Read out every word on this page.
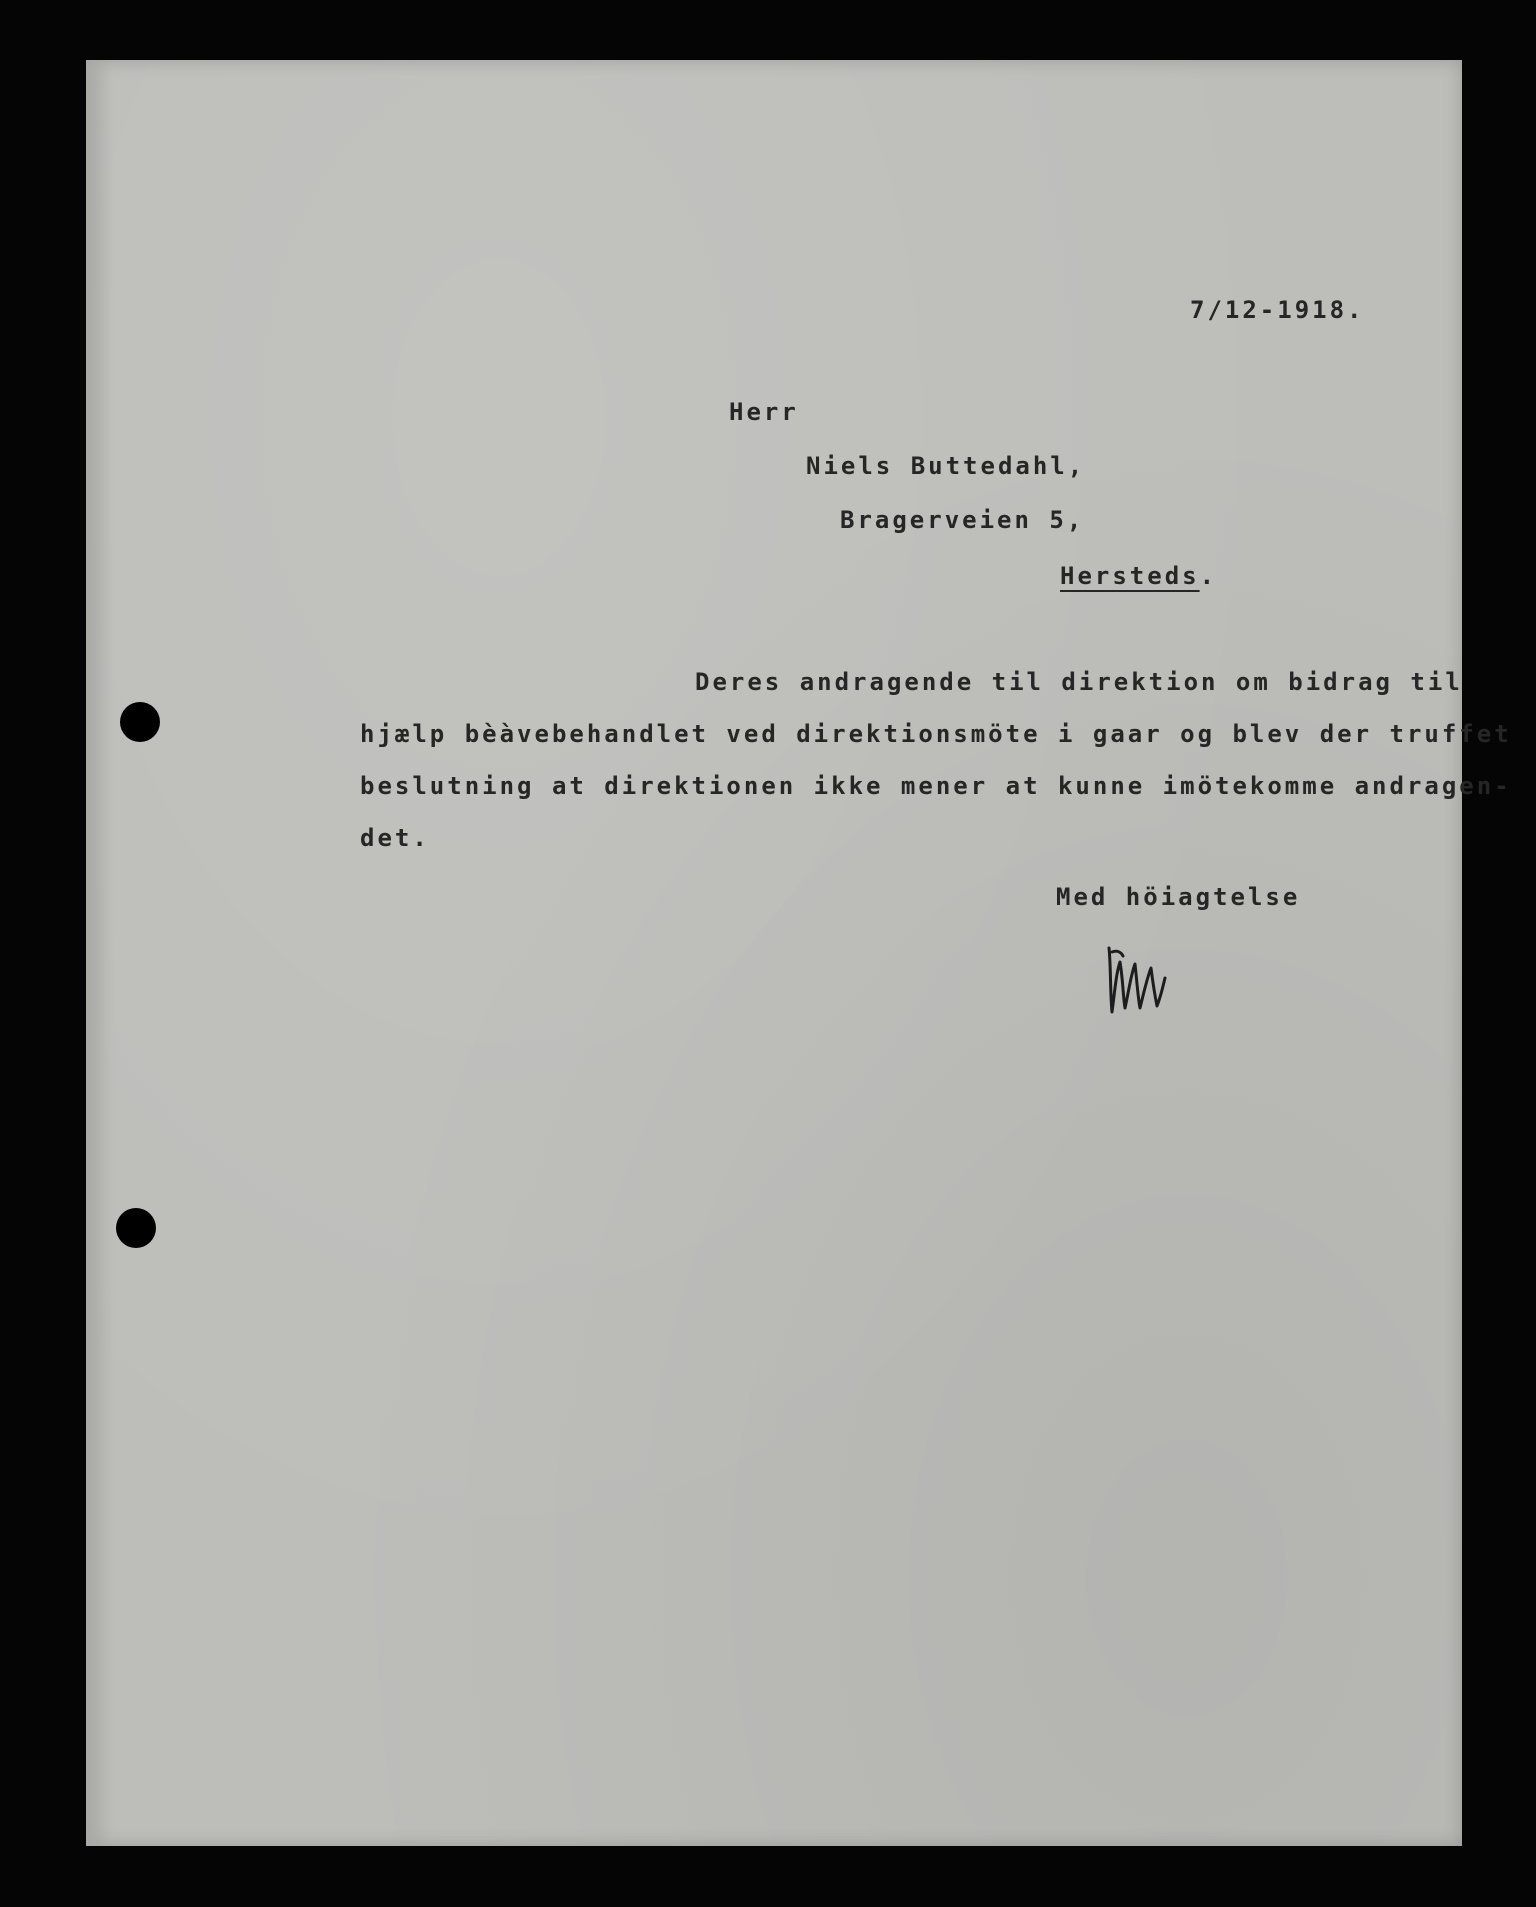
7/12-1918.

Herr

Niels Buttedahl,

Bragerveien 5,

Hersteds.

Deres andragende til direktion om bidrag til
hjælp bèàvebehandlet ved direktionsmöte i gaar og blev der truffet
beslutning at direktionen ikke mener at kunne imötekomme andragen-
det.

Med höiagtelse
